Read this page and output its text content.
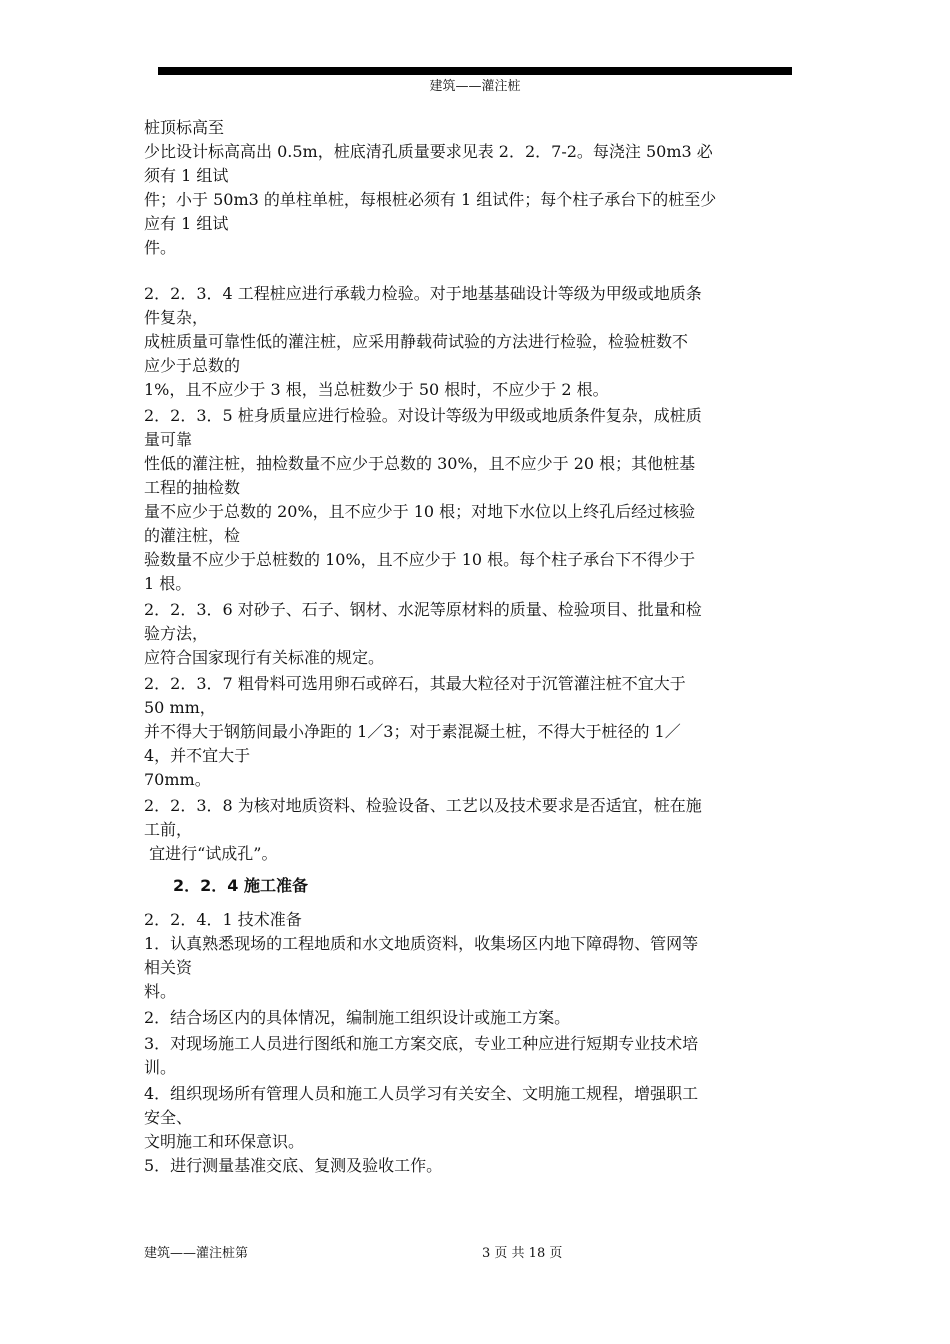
建筑——灌注桩

桩顶标高至

少比设计标高高出 0.5m，桩底清孔质量要求见表 2．2．7-2。每浇注 50m3 必

须有 1 组试

件；小于 50m3 的单柱单桩，每根桩必须有 1 组试件；每个柱子承台下的桩至少

应有 1 组试

件。

2．2．3．4 工程桩应进行承载力检验。对于地基基础设计等级为甲级或地质条

件复杂，

成桩质量可靠性低的灌注桩，应采用静载荷试验的方法进行检验，检验桩数不

应少于总数的

1%，且不应少于 3 根，当总桩数少于 50 根时，不应少于 2 根。

2．2．3．5 桩身质量应进行检验。对设计等级为甲级或地质条件复杂，成桩质

量可靠

性低的灌注桩，抽检数量不应少于总数的 30%，且不应少于 20 根；其他桩基

工程的抽检数

量不应少于总数的 20%，且不应少于 10 根；对地下水位以上终孔后经过核验

的灌注桩，检

验数量不应少于总桩数的 10%，且不应少于 10 根。每个柱子承台下不得少于

1 根。

2．2．3．6 对砂子、石子、钢材、水泥等原材料的质量、检验项目、批量和检

验方法，

应符合国家现行有关标准的规定。

2．2．3．7 粗骨料可选用卵石或碎石，其最大粒径对于沉管灌注桩不宜大于

50 mm，

并不得大于钢筋间最小净距的 1／3；对于素混凝土桩，不得大于桩径的 1／

4，并不宜大于

70mm。

2．2．3．8 为核对地质资料、检验设备、工艺以及技术要求是否适宜，桩在施

工前，

宜进行“试成孔”。

2．2．4 施工准备

2．2．4．1 技术准备

1．认真熟悉现场的工程地质和水文地质资料，收集场区内地下障碍物、管网等

相关资

料。

2．结合场区内的具体情况，编制施工组织设计或施工方案。

3．对现场施工人员进行图纸和施工方案交底，专业工种应进行短期专业技术培

训。

4．组织现场所有管理人员和施工人员学习有关安全、文明施工规程，增强职工

安全、

文明施工和环保意识。

5．进行测量基准交底、复测及验收工作。

建筑——灌注桩第	3 页 共 18 页
